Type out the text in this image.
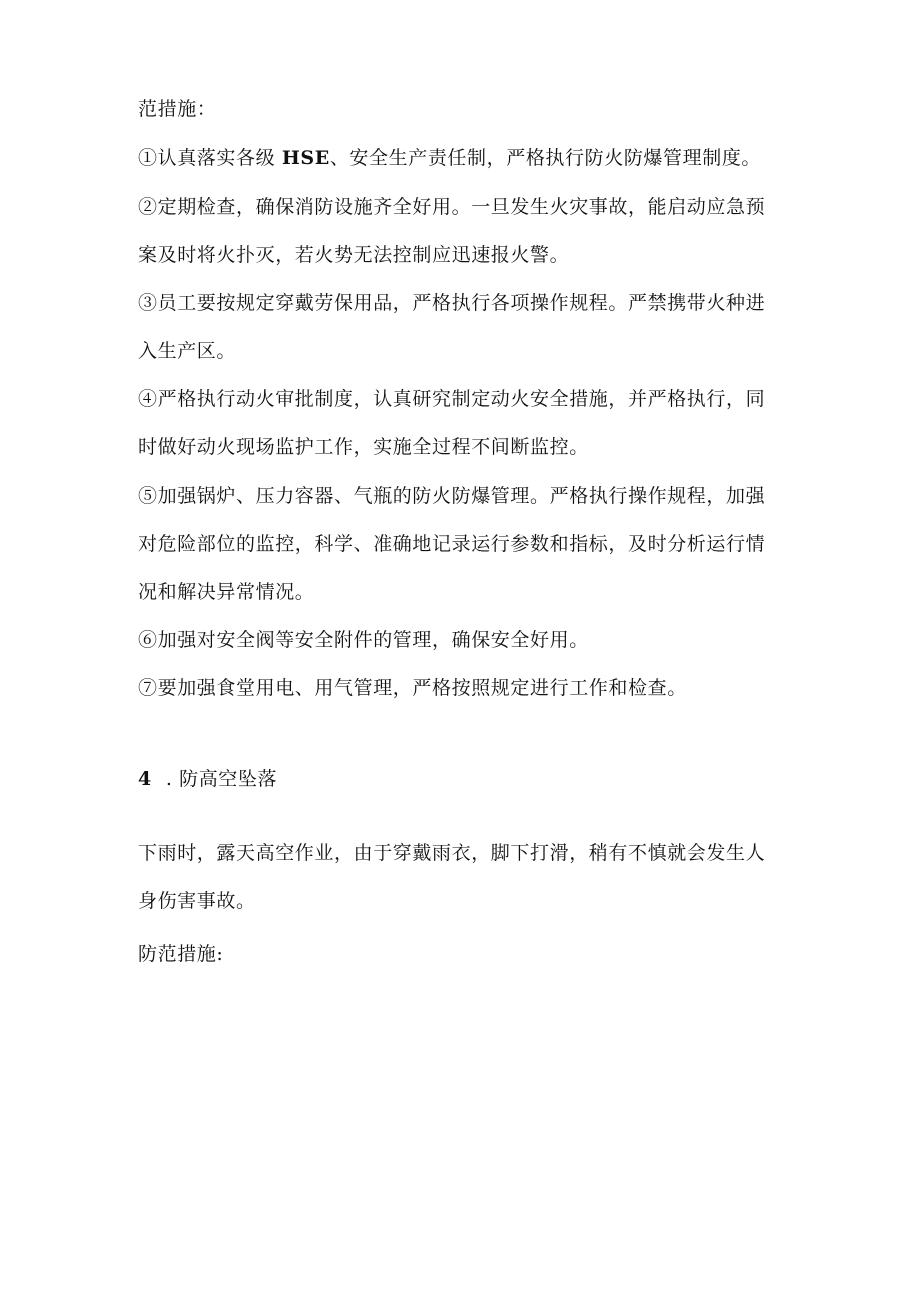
范措施：
①认真落实各级 HSE、安全生产责任制，严格执行防火防爆管理制度。
②定期检查，确保消防设施齐全好用。一旦发生火灾事故，能启动应急预
案及时将火扑灭，若火势无法控制应迅速报火警。
③员工要按规定穿戴劳保用品，严格执行各项操作规程。严禁携带火种进
入生产区。
④严格执行动火审批制度，认真研究制定动火安全措施，并严格执行，同
时做好动火现场监护工作，实施全过程不间断监控。
⑤加强锅炉、压力容器、气瓶的防火防爆管理。严格执行操作规程，加强
对危险部位的监控，科学、准确地记录运行参数和指标，及时分析运行情
况和解决异常情况。
⑥加强对安全阀等安全附件的管理，确保安全好用。
⑦要加强食堂用电、用气管理，严格按照规定进行工作和检查。
4 . 防高空坠落
下雨时，露天高空作业，由于穿戴雨衣，脚下打滑，稍有不慎就会发生人
身伤害事故。
防范措施:
